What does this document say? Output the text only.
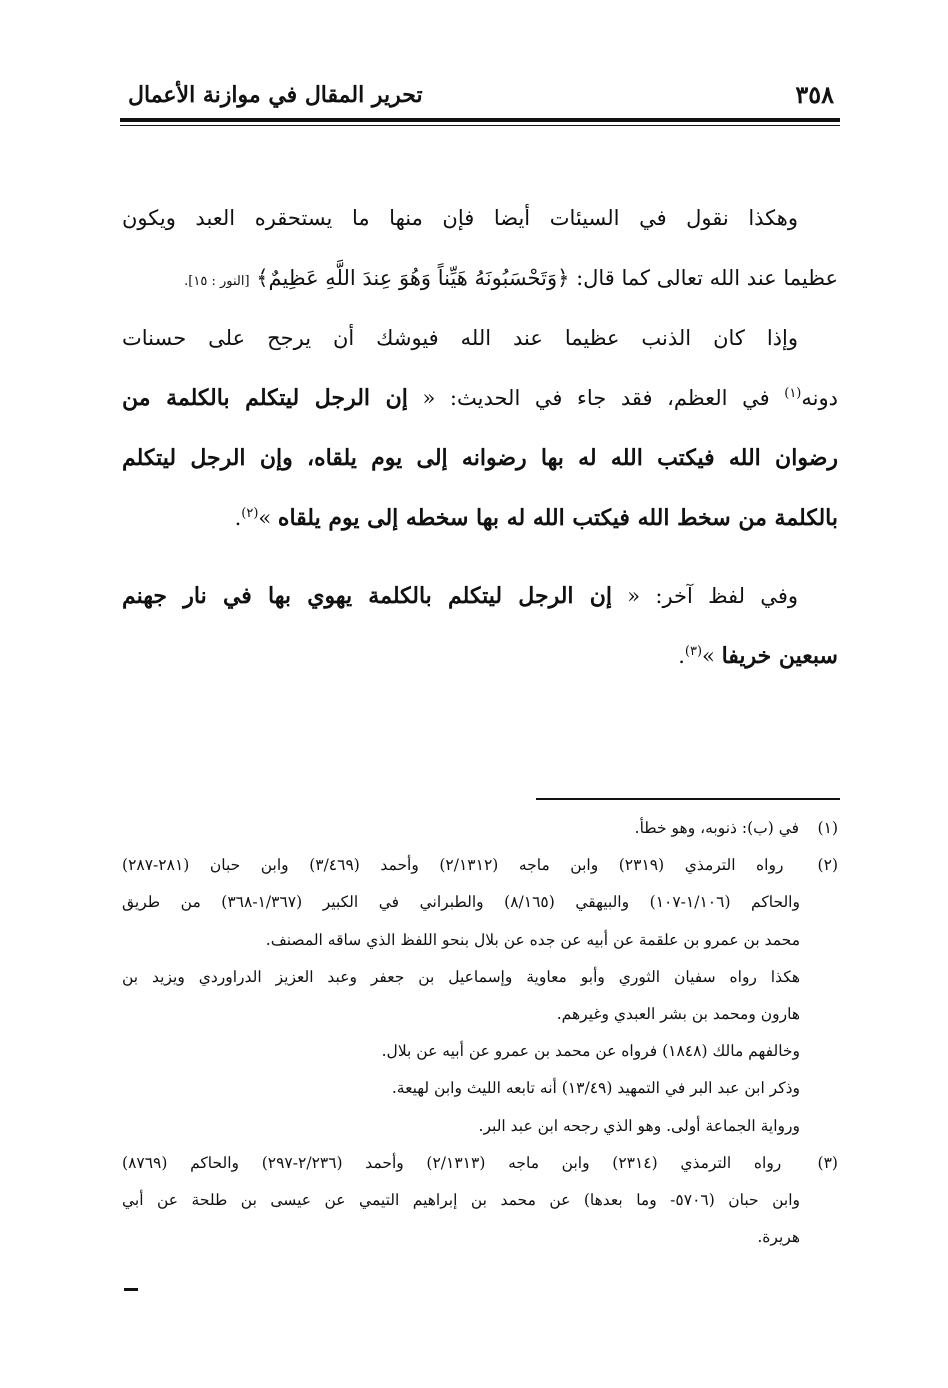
٣٥٨
تحرير المقال في موازنة الأعمال
وهكذا نقول في السيئات أيضا فإن منها ما يستحقره العبد ويكون
عظيما عند الله تعالى كما قال: ﴿وَتَحْسَبُونَهُ هَيِّناً وَهُوَ عِندَ اللَّهِ عَظِيمٌ﴾ [النور : ١٥].
وإذا كان الذنب عظيما عند الله فيوشك أن يرجح على حسنات
دونه$^{(١)}$ في العظم، فقد جاء في الحديث: « إن الرجل ليتكلم بالكلمة من
رضوان الله فيكتب الله له بها رضوانه إلى يوم يلقاه، وإن الرجل ليتكلم
بالكلمة من سخط الله فيكتب الله له بها سخطه إلى يوم يلقاه »$^{(٢)}$.
وفي لفظ آخر: « إن الرجل ليتكلم بالكلمة يهوي بها في نار جهنم
سبعين خريفا »$^{(٣)}$.
(١) في (ب): ذنوبه، وهو خطأ.
(٢) رواه الترمذي (٢٣١٩) وابن ماجه (٢/١٣١٢) وأحمد (٣/٤٦٩) وابن حبان (٢٨١-٢٨٧)
والحاكم (١/١٠٦-١٠٧) والبيهقي (٨/١٦٥) والطبراني في الكبير (١/٣٦٧-٣٦٨) من طريق
محمد بن عمرو بن علقمة عن أبيه عن جده عن بلال بنحو اللفظ الذي ساقه المصنف.
هكذا رواه سفيان الثوري وأبو معاوية وإسماعيل بن جعفر وعبد العزيز الدراوردي ويزيد بن
هارون ومحمد بن بشر العبدي وغيرهم.
وخالفهم مالك (١٨٤٨) فرواه عن محمد بن عمرو عن أبيه عن بلال.
وذكر ابن عبد البر في التمهيد (١٣/٤٩) أنه تابعه الليث وابن لهيعة.
ورواية الجماعة أولى. وهو الذي رجحه ابن عبد البر.
(٣) رواه الترمذي (٢٣١٤) وابن ماجه (٢/١٣١٣) وأحمد (٢/٢٣٦-٢٩٧) والحاكم (٨٧٦٩)
وابن حبان (٥٧٠٦- وما بعدها) عن محمد بن إبراهيم التيمي عن عيسى بن طلحة عن أبي
هريرة.
